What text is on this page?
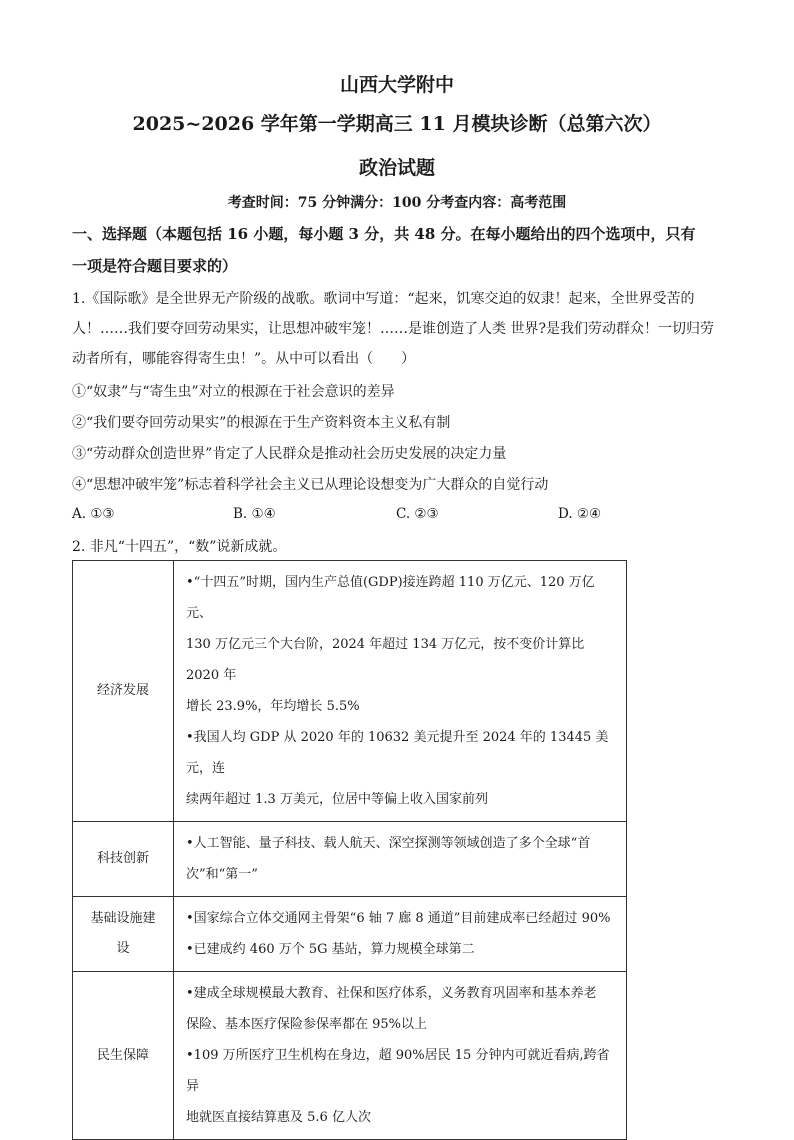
山西大学附中
2025~2026 学年第一学期高三 11 月模块诊断（总第六次）
政治试题
考查时间：75 分钟满分：100 分考查内容：高考范围
一、选择题（本题包括 16 小题，每小题 3 分，共 48 分。在每小题给出的四个选项中，只有
一项是符合题目要求的）
1.《国际歌》是全世界无产阶级的战歌。歌词中写道：“起来，饥寒交迫的奴隶！起来，全世界受苦的
人！……我们要夺回劳动果实，让思想冲破牢笼！……是谁创造了人类 世界?是我们劳动群众！一切归劳
动者所有，哪能容得寄生虫！”。从中可以看出（　　）
①“奴隶”与“寄生虫”对立的根源在于社会意识的差异
②“我们要夺回劳动果实”的根源在于生产资料资本主义私有制
③“劳动群众创造世界”肯定了人民群众是推动社会历史发展的决定力量
④“思想冲破牢笼”标志着科学社会主义已从理论设想变为广大群众的自觉行动
A. ①③	B. ①④	C. ②③	D. ②④
2. 非凡“十四五”，“数”说新成就。
经济发展	•“十四五”时期，国内生产总值(GDP)接连跨超 110 万亿元、120 万亿元、
130 万亿元三个大台阶，2024 年超过 134 万亿元，按不变价计算比 2020 年
增长 23.9%，年均增长 5.5%
•我国人均 GDP 从 2020 年的 10632 美元提升至 2024 年的 13445 美元，连
续两年超过 1.3 万美元，位居中等偏上收入国家前列

科技创新	•人工智能、量子科技、载人航天、深空探测等领域创造了多个全球“首
次”和“第一”

基础设施建
设	•国家综合立体交通网主骨架“6 轴 7 廊 8 通道”目前建成率已经超过 90%
•已建成约 460 万个 5G 基站，算力规模全球第二

民生保障	•建成全球规模最大教育、社保和医疗体系，义务教育巩固率和基本养老
保险、基本医疗保险参保率都在 95%以上
•109 万所医疗卫生机构在身边，超 90%居民 15 分钟内可就近看病,跨省异
地就医直接结算惠及 5.6 亿人次
